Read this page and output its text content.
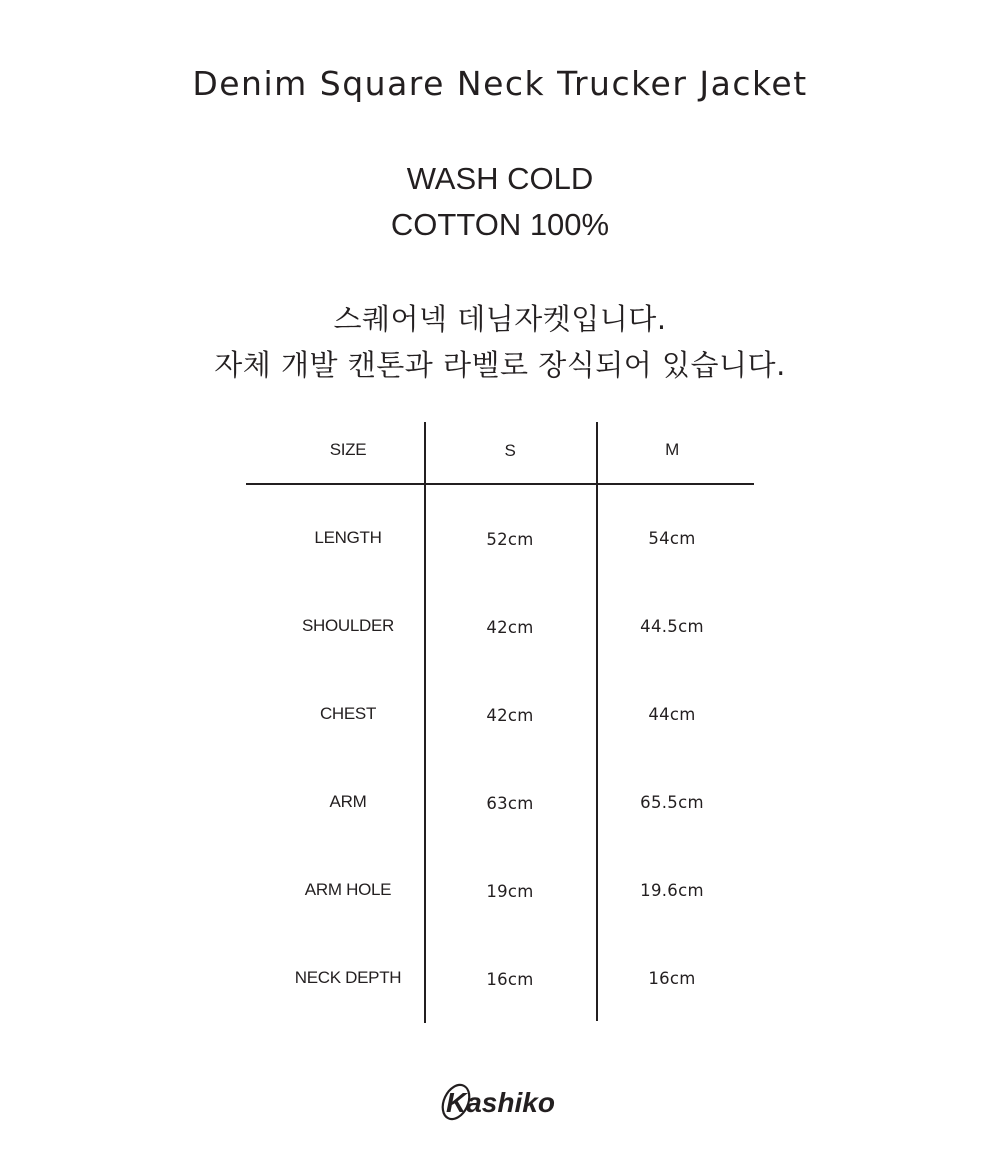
Denim Square Neck Trucker Jacket
WASH COLD
COTTON 100%
스퀘어넥 데님자켓입니다.
자체 개발 캔톤과 라벨로 장식되어 있습니다.
SIZE	S	M
LENGTH	52cm	54cm
SHOULDER	42cm	44.5cm
CHEST	42cm	44cm
ARM	63cm	65.5cm
ARM HOLE	19cm	19.6cm
NECK DEPTH	16cm	16cm
Kashiko
